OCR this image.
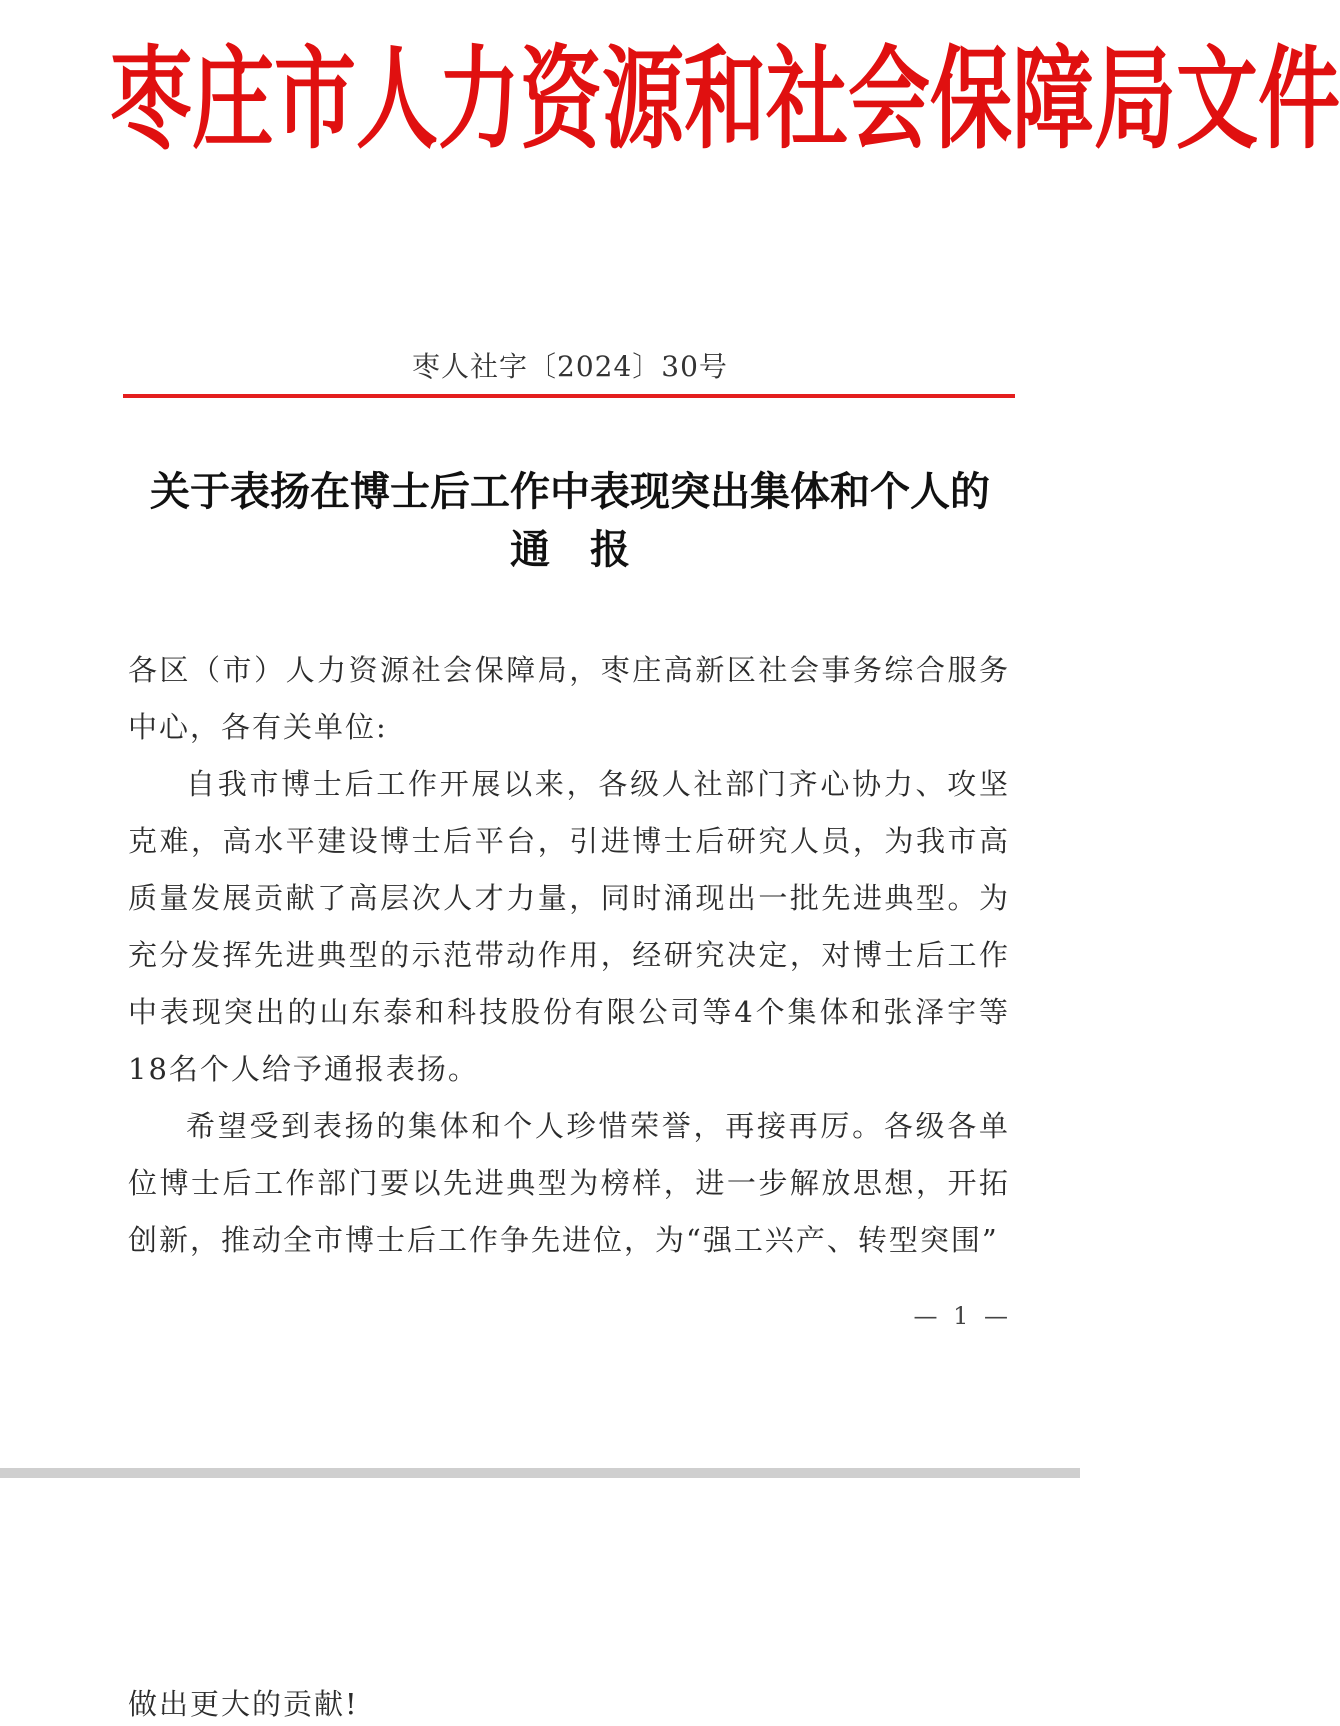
枣庄市人力资源和社会保障局文件
枣人社字〔2024〕30号
关于表扬在博士后工作中表现突出集体和个人的
通报

各区（市）人力资源社会保障局，枣庄高新区社会事务综合服务中心，各有关单位:

自我市博士后工作开展以来，各级人社部门齐心协力、攻坚克难，高水平建设博士后平台，引进博士后研究人员，为我市高质量发展贡献了高层次人才力量，同时涌现出一批先进典型。为充分发挥先进典型的示范带动作用，经研究决定，对博士后工作中表现突出的山东泰和科技股份有限公司等4个集体和张泽宇等18名个人给予通报表扬。

希望受到表扬的集体和个人珍惜荣誉，再接再厉。各级各单位博士后工作部门要以先进典型为榜样，进一步解放思想，开拓创新，推动全市博士后工作争先进位，为“强工兴产、转型突围”

— 1 —
做出更大的贡献!
